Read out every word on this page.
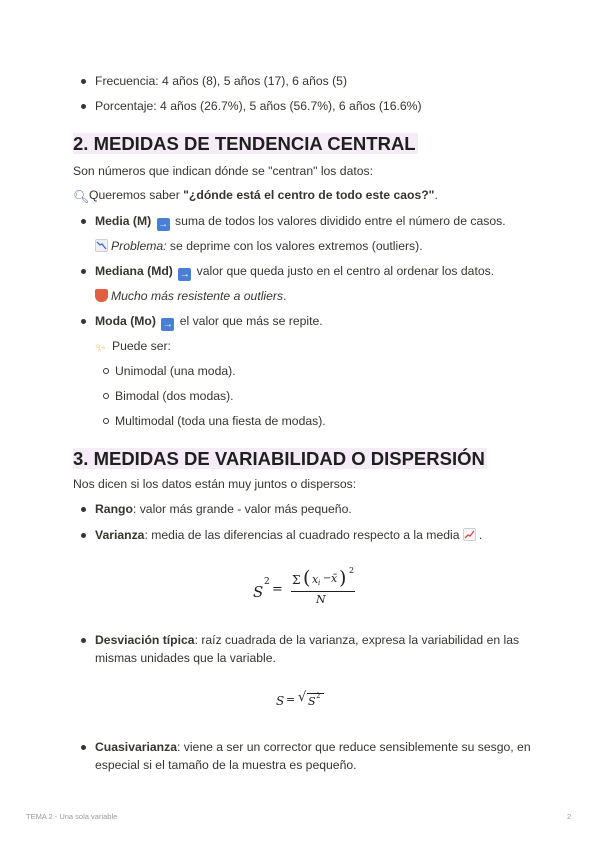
Frecuencia: 4 años (8), 5 años (17), 6 años (5)
Porcentaje: 4 años (26.7%), 5 años (56.7%), 6 años (16.6%)
2. MEDIDAS DE TENDENCIA CENTRAL
Son números que indican dónde se "centran" los datos:
🔍︎Queremos saber "¿dónde está el centro de todo este caos?".
Media (M) → suma de todos los valores dividido entre el número de casos.
Problema: se deprime con los valores extremos (outliers).
Mediana (Md) → valor que queda justo en el centro al ordenar los datos.
Mucho más resistente a outliers.
Moda (Mo) → el valor que más se repite.
✨︎ Puede ser:
Unimodal (una moda).
Bimodal (dos modas).
Multimodal (toda una fiesta de modas).
3. MEDIDAS DE VARIABILIDAD O DISPERSIÓN
Nos dicen si los datos están muy juntos o dispersos:
Rango: valor más grande - valor más pequeño.
Varianza: media de las diferencias al cuadrado respecto a la media
.
Desviación típica: raíz cuadrada de la varianza, expresa la variabilidad en las mismas unidades que la variable.
Cuasivarianza: viene a ser un corrector que reduce sensiblemente su sesgo, en especial si el tamaño de la muestra es pequeño.
S
2 =
Σ ( x i − x̄ ) 2
N
S = √ S 2
TEMA 2 - Una sola variable	2
